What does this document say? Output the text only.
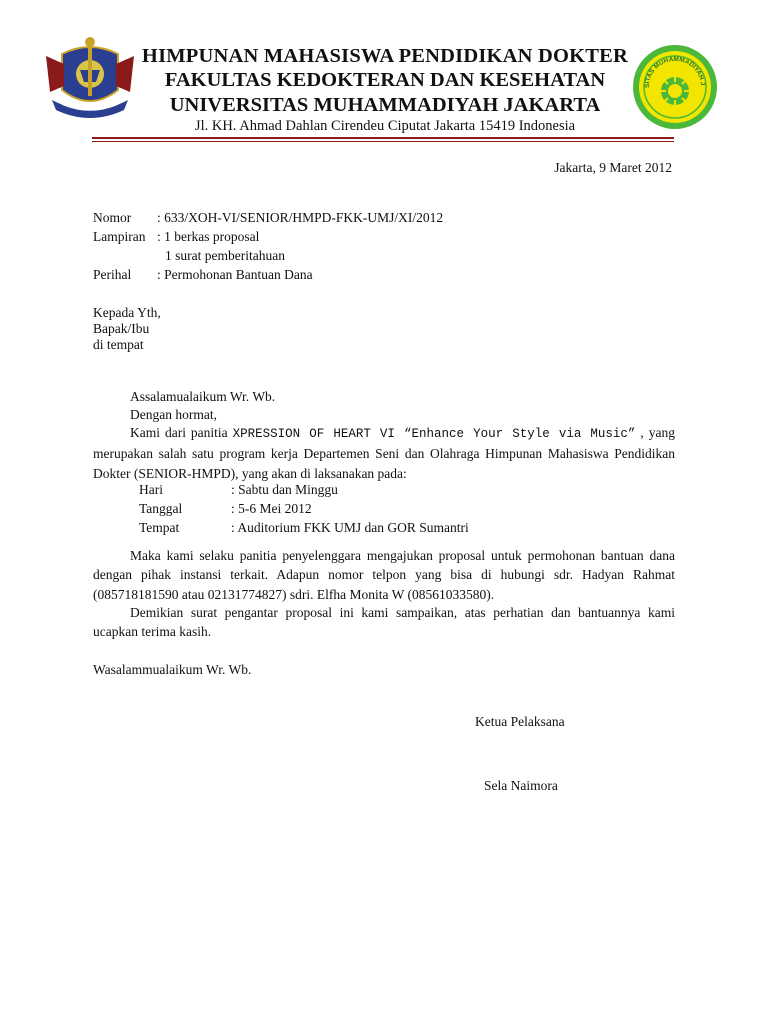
HIMPUNAN MAHASISWA PENDIDIKAN DOKTER
FAKULTAS KEDOKTERAN DAN KESEHATAN
UNIVERSITAS MUHAMMADIYAH JAKARTA
Jl. KH. Ahmad Dahlan Cirendeu Ciputat Jakarta 15419 Indonesia
SITAS MUHAMMADIYAH J
Jakarta, 9 Maret 2012
Nomor : 633/XOH-VI/SENIOR/HMPD-FKK-UMJ/XI/2012
Lampiran : 1 berkas proposal
1 surat pemberitahuan
Perihal : Permohonan Bantuan Dana
Kepada Yth,
Bapak/Ibu
di tempat
Assalamualaikum Wr. Wb.
Dengan hormat,
Kami dari panitia XPRESSION OF HEART VI “Enhance Your Style via Music” , yang merupakan salah satu program kerja Departemen Seni dan Olahraga Himpunan Mahasiswa Pendidikan Dokter (SENIOR-HMPD), yang akan di laksanakan pada:
Hari	: Sabtu dan Minggu
Tanggal	: 5-6 Mei 2012
Tempat	: Auditorium FKK UMJ dan GOR Sumantri
Maka kami selaku panitia penyelenggara mengajukan proposal untuk permohonan bantuan dana dengan pihak instansi terkait. Adapun nomor telpon yang bisa di hubungi sdr. Hadyan Rahmat (085718181590 atau 02131774827) sdri. Elfha Monita W (08561033580).
Demikian surat pengantar proposal ini kami sampaikan, atas perhatian dan bantuannya kami ucapkan terima kasih.
Wasalammualaikum Wr. Wb.
Ketua Pelaksana
Sela Naimora
